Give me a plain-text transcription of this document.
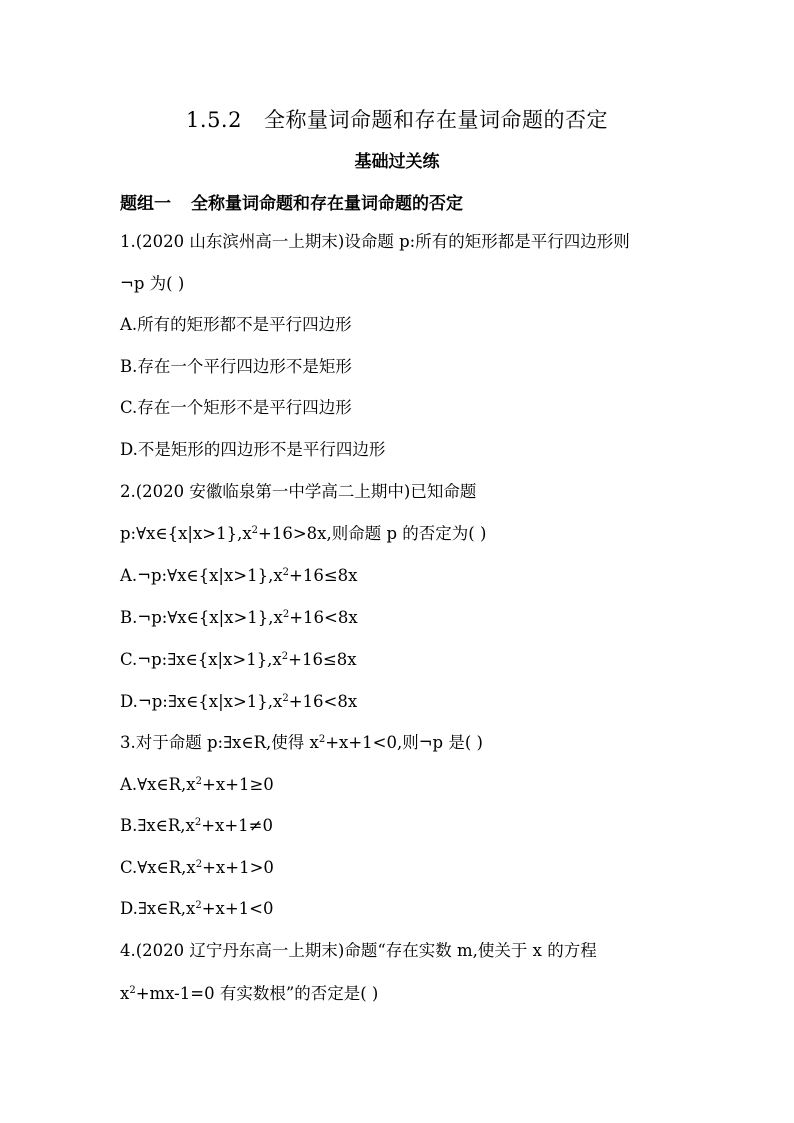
1.5.2 全称量词命题和存在量词命题的否定
基础过关练
题组一 全称量词命题和存在量词命题的否定
1.(2020 山东滨州高一上期末)设命题 p:所有的矩形都是平行四边形则
¬p 为( )
A.所有的矩形都不是平行四边形
B.存在一个平行四边形不是矩形
C.存在一个矩形不是平行四边形
D.不是矩形的四边形不是平行四边形
2.(2020 安徽临泉第一中学高二上期中)已知命题
$p:\forall x\in\{x|x>1\},x^2+16>8x$,则命题 p 的否定为( )
$A.\neg p:\forall x\in\{x|x>1\},x^2+16\le 8x$
$B.\neg p:\forall x\in\{x|x>1\},x^2+16<8x$
$C.\neg p:\exists x\in\{x|x>1\},x^2+16\le 8x$
$D.\neg p:\exists x\in\{x|x>1\},x^2+16<8x$
3.对于命题 p:∃x∈R,使得 $x^2+x+1<0$,则¬p 是( )
$A.\forall x\in R,x^2+x+1\ge 0$
$B.\exists x\in R,x^2+x+1\ne 0$
$C.\forall x\in R,x^2+x+1>0$
$D.\exists x\in R,x^2+x+1<0$
4.(2020 辽宁丹东高一上期末)命题“存在实数 m,使关于 x 的方程
$x^2+mx-1=0$ 有实数根”的否定是( )
